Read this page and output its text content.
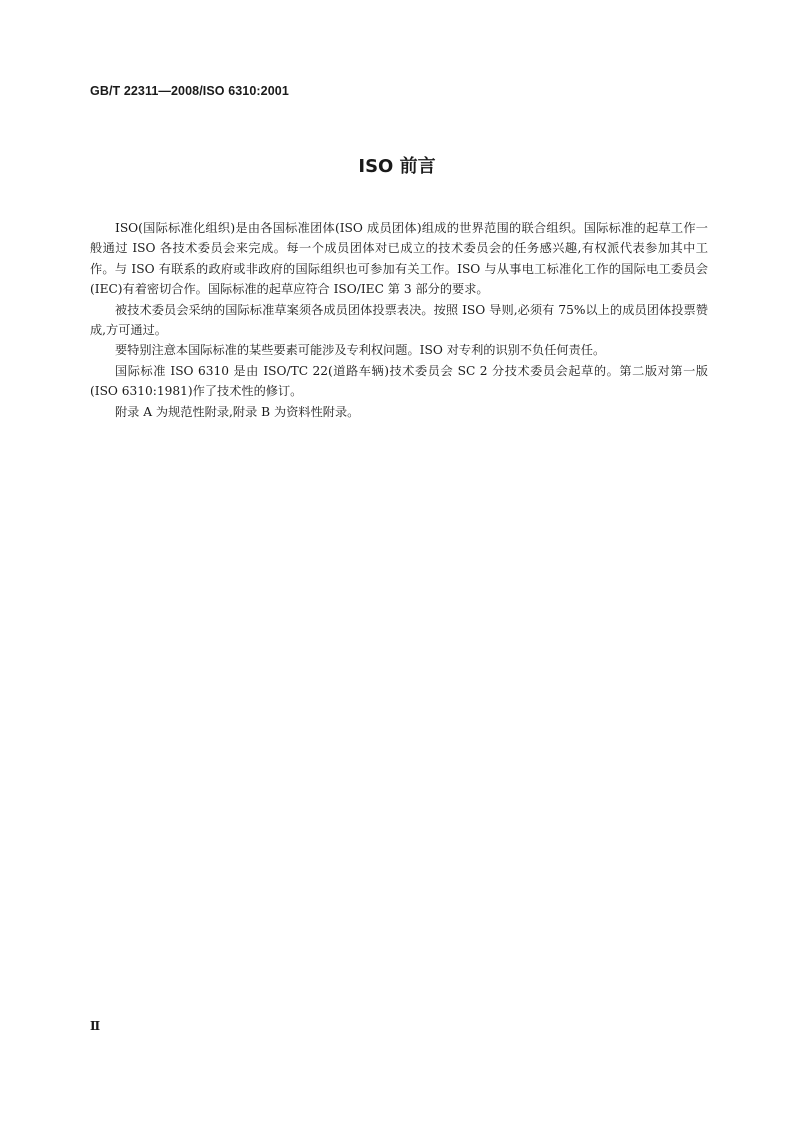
GB/T 22311—2008/ISO 6310:2001
ISO 前言

ISO(国际标准化组织)是由各国标准团体(ISO 成员团体)组成的世界范围的联合组织。国际标准的起草工作一般通过 ISO 各技术委员会来完成。每一个成员团体对已成立的技术委员会的任务感兴趣,有权派代表参加其中工作。与 ISO 有联系的政府或非政府的国际组织也可参加有关工作。ISO 与从事电工标准化工作的国际电工委员会(IEC)有着密切合作。国际标准的起草应符合 ISO/IEC 第 3 部分的要求。

被技术委员会采纳的国际标准草案须各成员团体投票表决。按照 ISO 导则,必须有 75%以上的成员团体投票赞成,方可通过。

要特别注意本国际标准的某些要素可能涉及专利权问题。ISO 对专利的识别不负任何责任。

国际标准 ISO 6310 是由 ISO/TC 22(道路车辆)技术委员会 SC 2 分技术委员会起草的。第二版对第一版(ISO 6310:1981)作了技术性的修订。

附录 A 为规范性附录,附录 B 为资料性附录。

Ⅱ
